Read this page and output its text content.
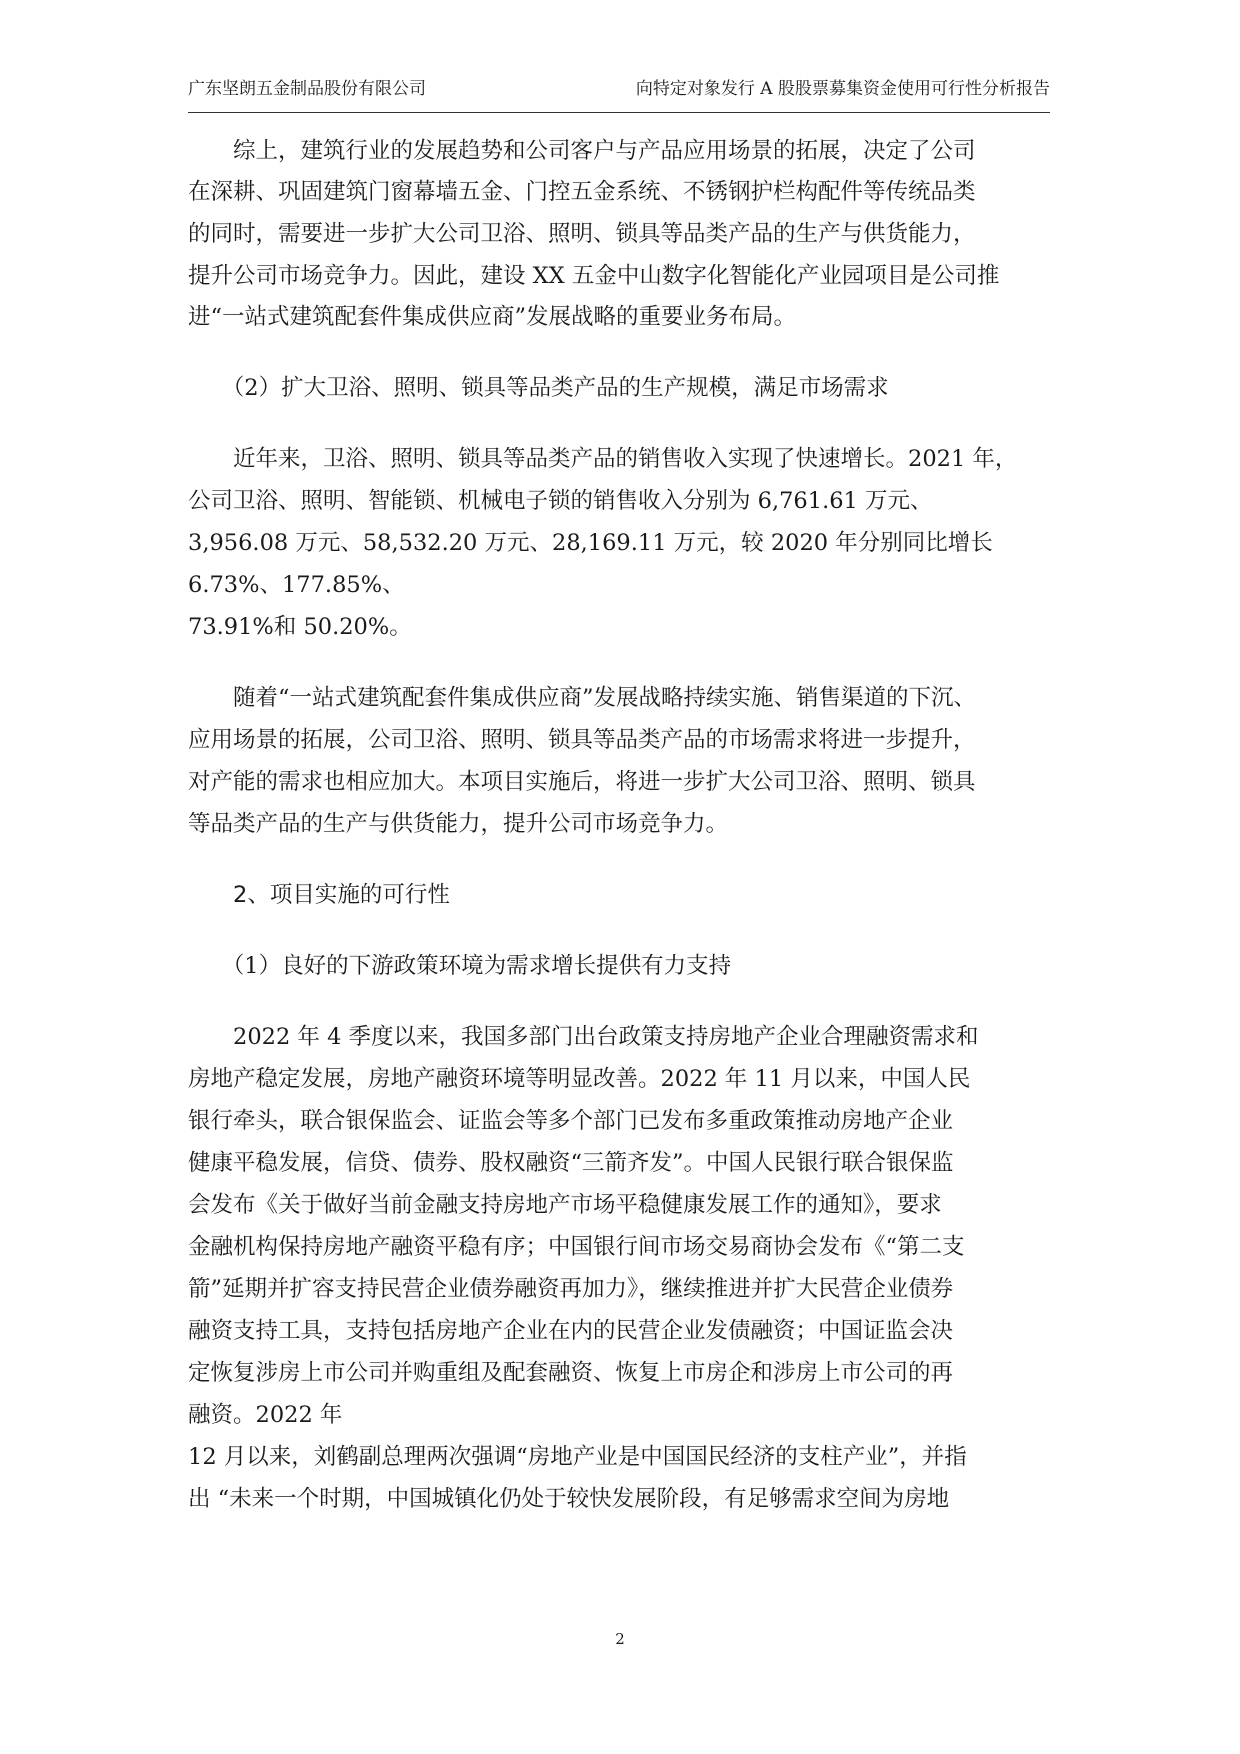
广东坚朗五金制品股份有限公司	向特定对象发行 A 股股票募集资金使用可行性分析报告
　　综上，建筑行业的发展趋势和公司客户与产品应用场景的拓展，决定了公司
在深耕、巩固建筑门窗幕墙五金、门控五金系统、不锈钢护栏构配件等传统品类
的同时，需要进一步扩大公司卫浴、照明、锁具等品类产品的生产与供货能力，
提升公司市场竞争力。因此，建设 XX 五金中山数字化智能化产业园项目是公司推
进“一站式建筑配套件集成供应商”发展战略的重要业务布局。
　　（2）扩大卫浴、照明、锁具等品类产品的生产规模，满足市场需求
　　近年来，卫浴、照明、锁具等品类产品的销售收入实现了快速增长。2021 年，
公司卫浴、照明、智能锁、机械电子锁的销售收入分别为 6,761.61 万元、
3,956.08 万元、58,532.20 万元、28,169.11 万元，较 2020 年分别同比增长
6.73%、177.85%、
73.91%和 50.20%。
　　随着“一站式建筑配套件集成供应商”发展战略持续实施、销售渠道的下沉、
应用场景的拓展，公司卫浴、照明、锁具等品类产品的市场需求将进一步提升，
对产能的需求也相应加大。本项目实施后，将进一步扩大公司卫浴、照明、锁具
等品类产品的生产与供货能力，提升公司市场竞争力。
2、项目实施的可行性
　　（1）良好的下游政策环境为需求增长提供有力支持
　　2022 年 4 季度以来，我国多部门出台政策支持房地产企业合理融资需求和
房地产稳定发展，房地产融资环境等明显改善。2022 年 11 月以来，中国人民
银行牵头，联合银保监会、证监会等多个部门已发布多重政策推动房地产企业
健康平稳发展，信贷、债券、股权融资“三箭齐发”。中国人民银行联合银保监
会发布《关于做好当前金融支持房地产市场平稳健康发展工作的通知》，要求
金融机构保持房地产融资平稳有序；中国银行间市场交易商协会发布《“第二支
箭”延期并扩容支持民营企业债券融资再加力》，继续推进并扩大民营企业债券
融资支持工具，支持包括房地产企业在内的民营企业发债融资；中国证监会决
定恢复涉房上市公司并购重组及配套融资、恢复上市房企和涉房上市公司的再
融资。2022 年
12 月以来，刘鹤副总理两次强调“房地产业是中国国民经济的支柱产业”，并指
出 “未来一个时期，中国城镇化仍处于较快发展阶段，有足够需求空间为房地
2
